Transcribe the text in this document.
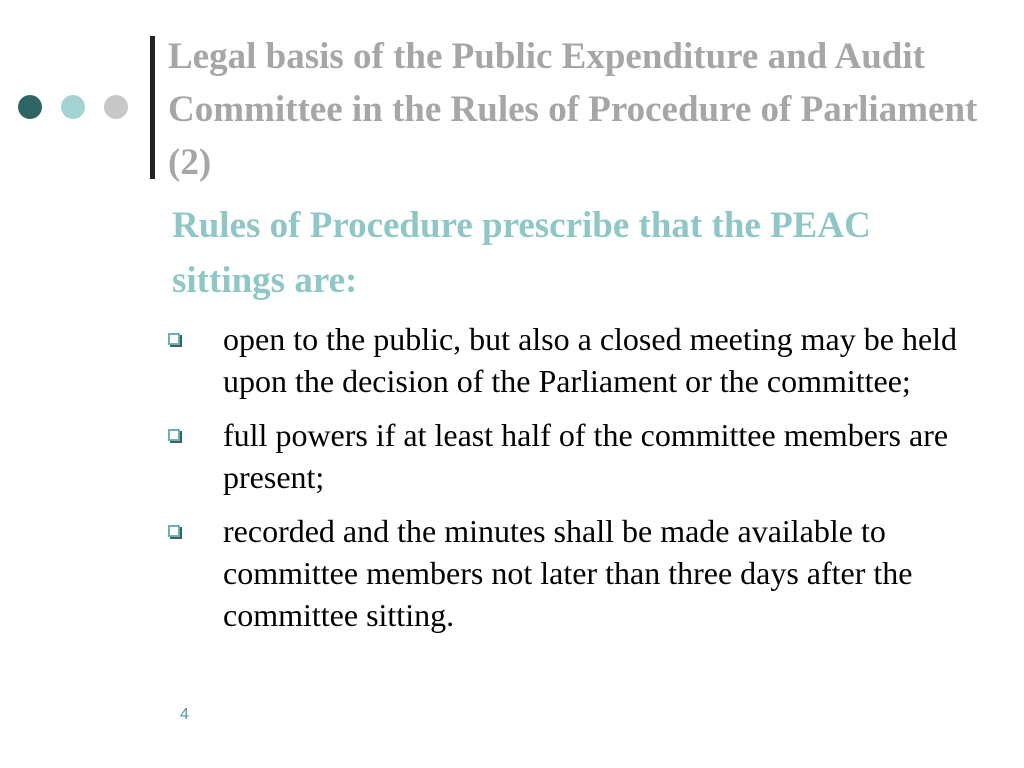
Legal basis of the Public Expenditure and Audit Committee in the Rules of Procedure of Parliament (2)
Rules of Procedure prescribe that the PEAC sittings are:
open to the public, but also a closed meeting may be held upon the decision of the Parliament or the committee;
full powers if at least half of the committee members are present;
recorded and the minutes shall be made available to committee members not later than three days after the committee sitting.
4
